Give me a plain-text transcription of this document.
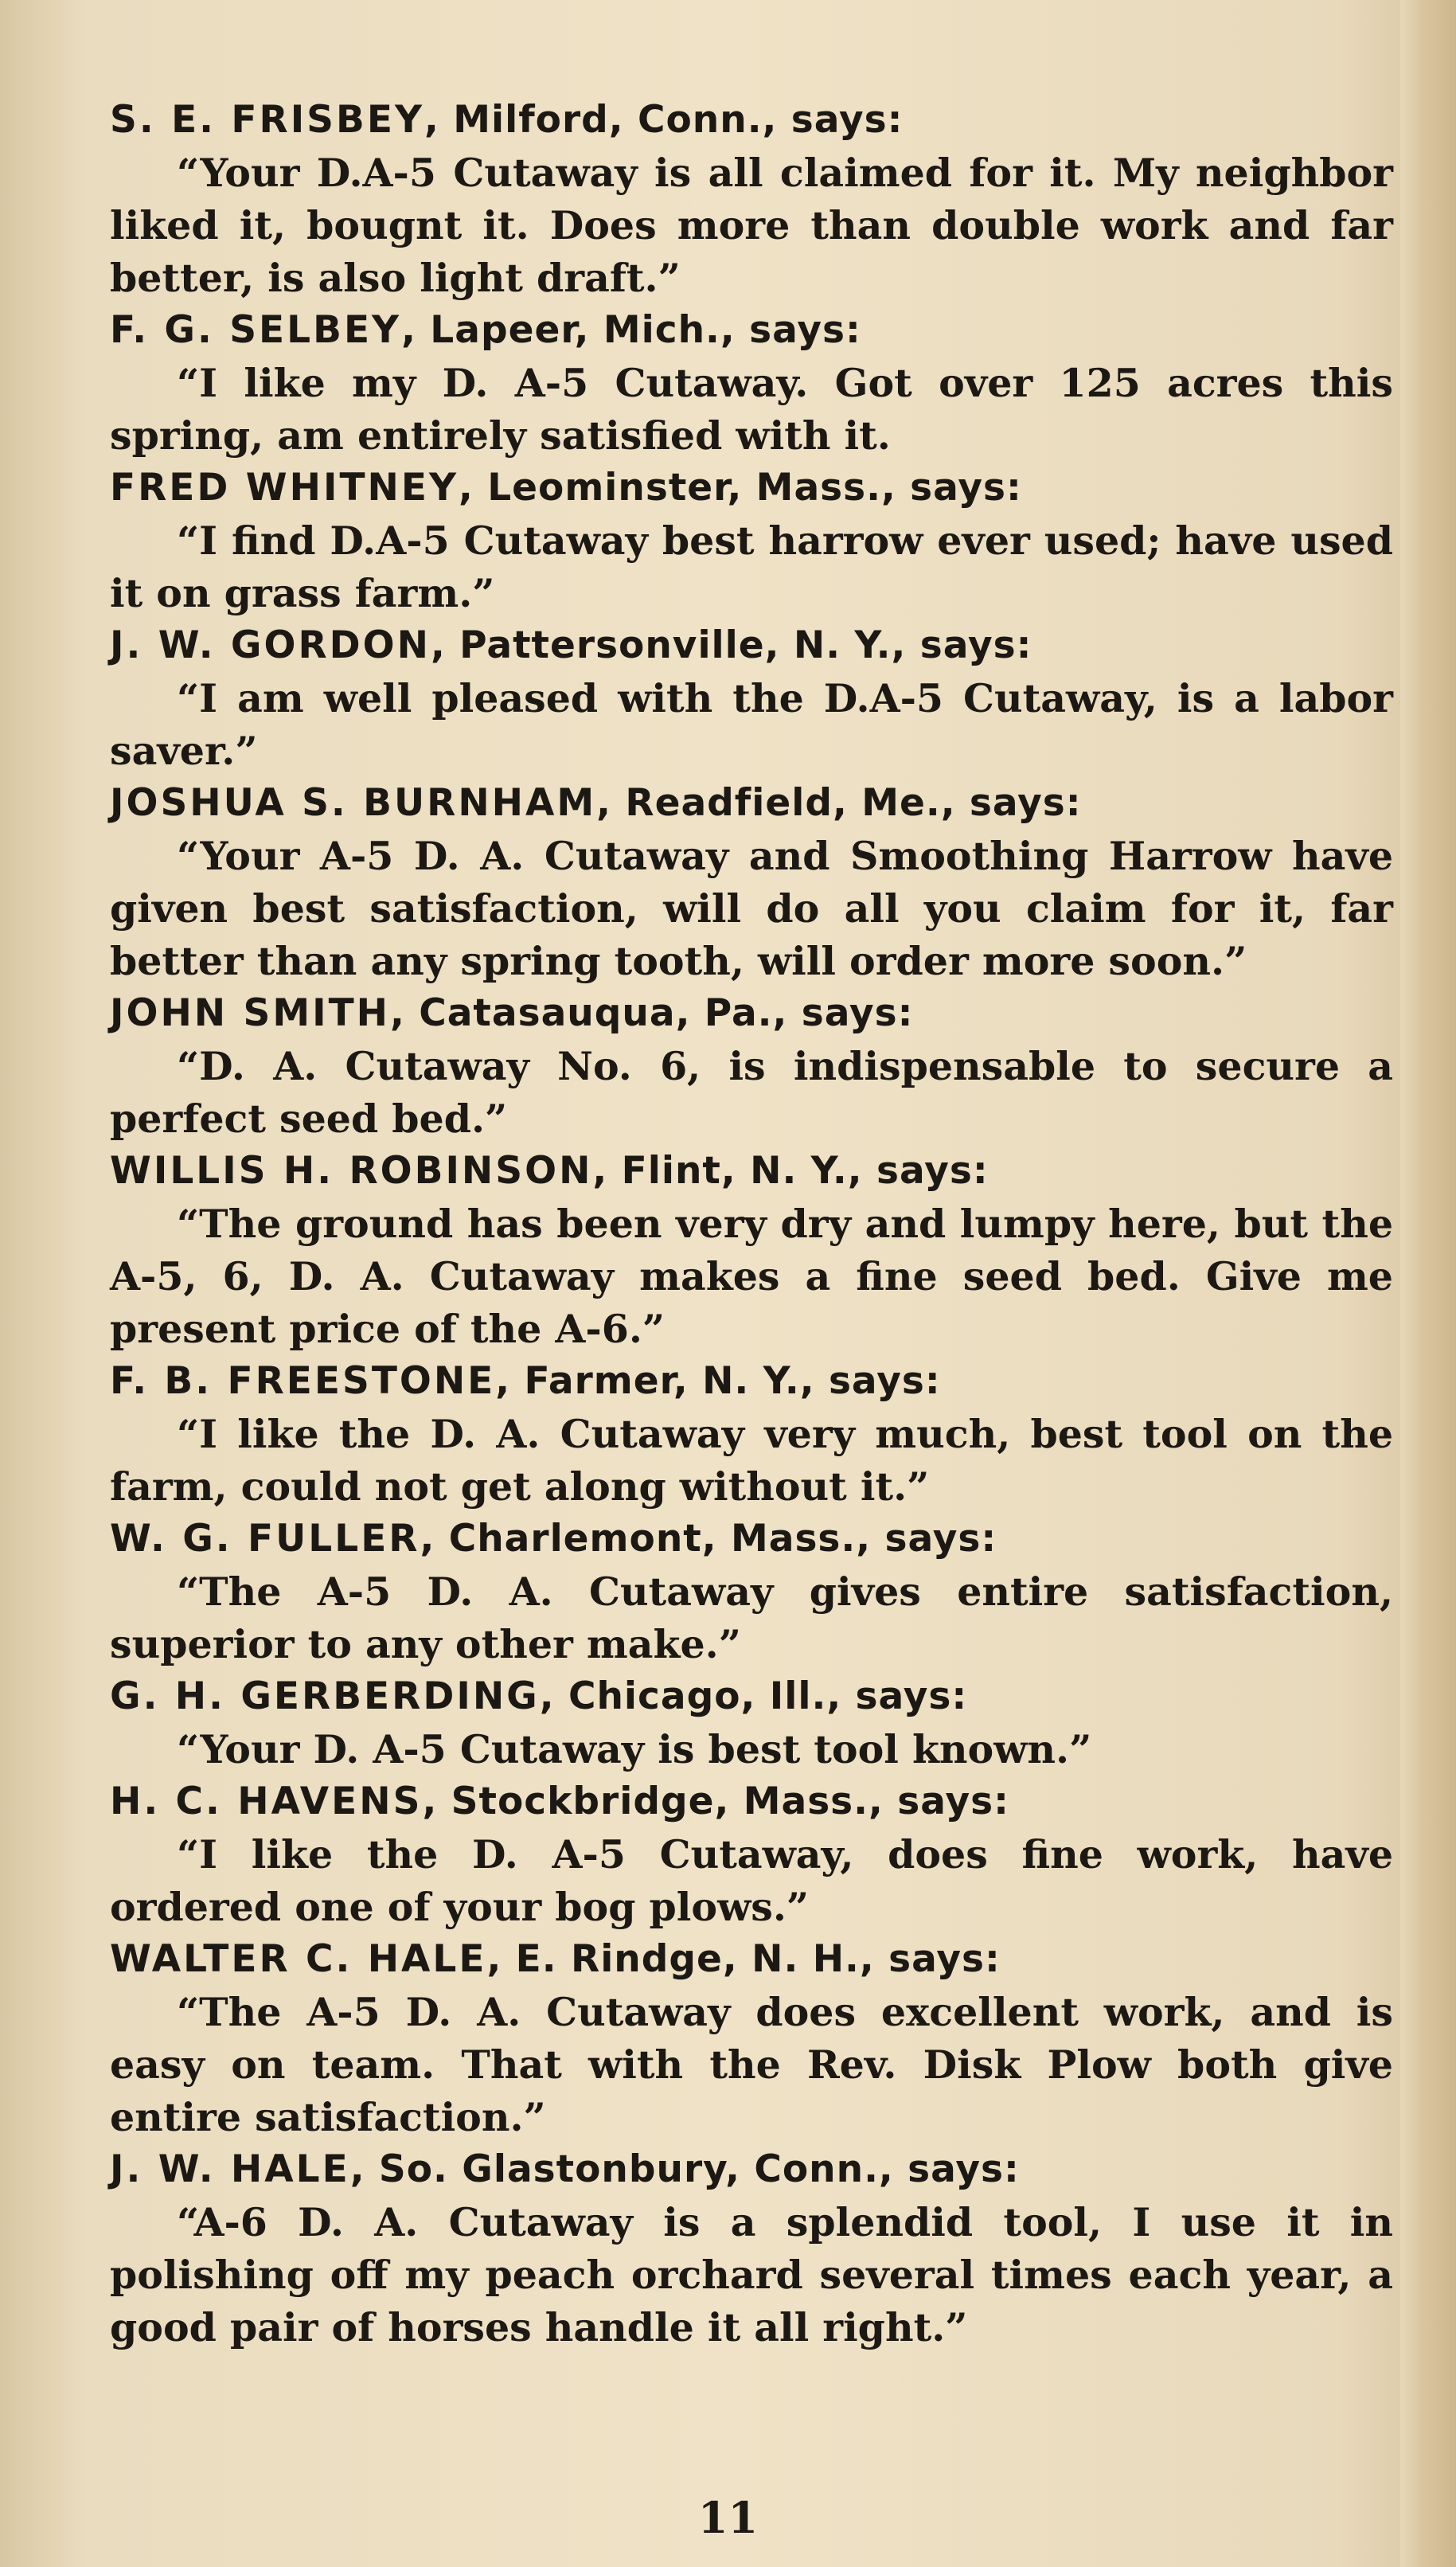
S. E. FRISBEY, Milford, Conn., says:

“Your D.A-5 Cutaway is all claimed for it. My neighbor liked it, bougnt it. Does more than double work and far better, is also light draft.”

F. G. SELBEY, Lapeer, Mich., says:

“I like my D. A-5 Cutaway. Got over 125 acres this spring, am entirely satisfied with it.

FRED WHITNEY, Leominster, Mass., says:

“I find D.A-5 Cutaway best harrow ever used; have used it on grass farm.”

J. W. GORDON, Pattersonville, N. Y., says:

“I am well pleased with the D.A-5 Cutaway, is a labor saver.”

JOSHUA S. BURNHAM, Readfield, Me., says:

“Your A-5 D. A. Cutaway and Smoothing Harrow have given best satisfaction, will do all you claim for it, far better than any spring tooth, will order more soon.”

JOHN SMITH, Catasauqua, Pa., says:

“D. A. Cutaway No. 6, is indispensable to secure a perfect seed bed.”

WILLIS H. ROBINSON, Flint, N. Y., says:

“The ground has been very dry and lumpy here, but the A-5, 6, D. A. Cutaway makes a fine seed bed. Give me present price of the A-6.”

F. B. FREESTONE, Farmer, N. Y., says:

“I like the D. A. Cutaway very much, best tool on the farm, could not get along without it.”

W. G. FULLER, Charlemont, Mass., says:

“The A-5 D. A. Cutaway gives entire satisfaction, superior to any other make.”

G. H. GERBERDING, Chicago, Ill., says:

“Your D. A-5 Cutaway is best tool known.”

H. C. HAVENS, Stockbridge, Mass., says:

“I like the D. A-5 Cutaway, does fine work, have ordered one of your bog plows.”

WALTER C. HALE, E. Rindge, N. H., says:

“The A-5 D. A. Cutaway does excellent work, and is easy on team. That with the Rev. Disk Plow both give entire satisfaction.”

J. W. HALE, So. Glastonbury, Conn., says:

“A-6 D. A. Cutaway is a splendid tool, I use it in polishing off my peach orchard several times each year, a good pair of horses handle it all right.”

11
